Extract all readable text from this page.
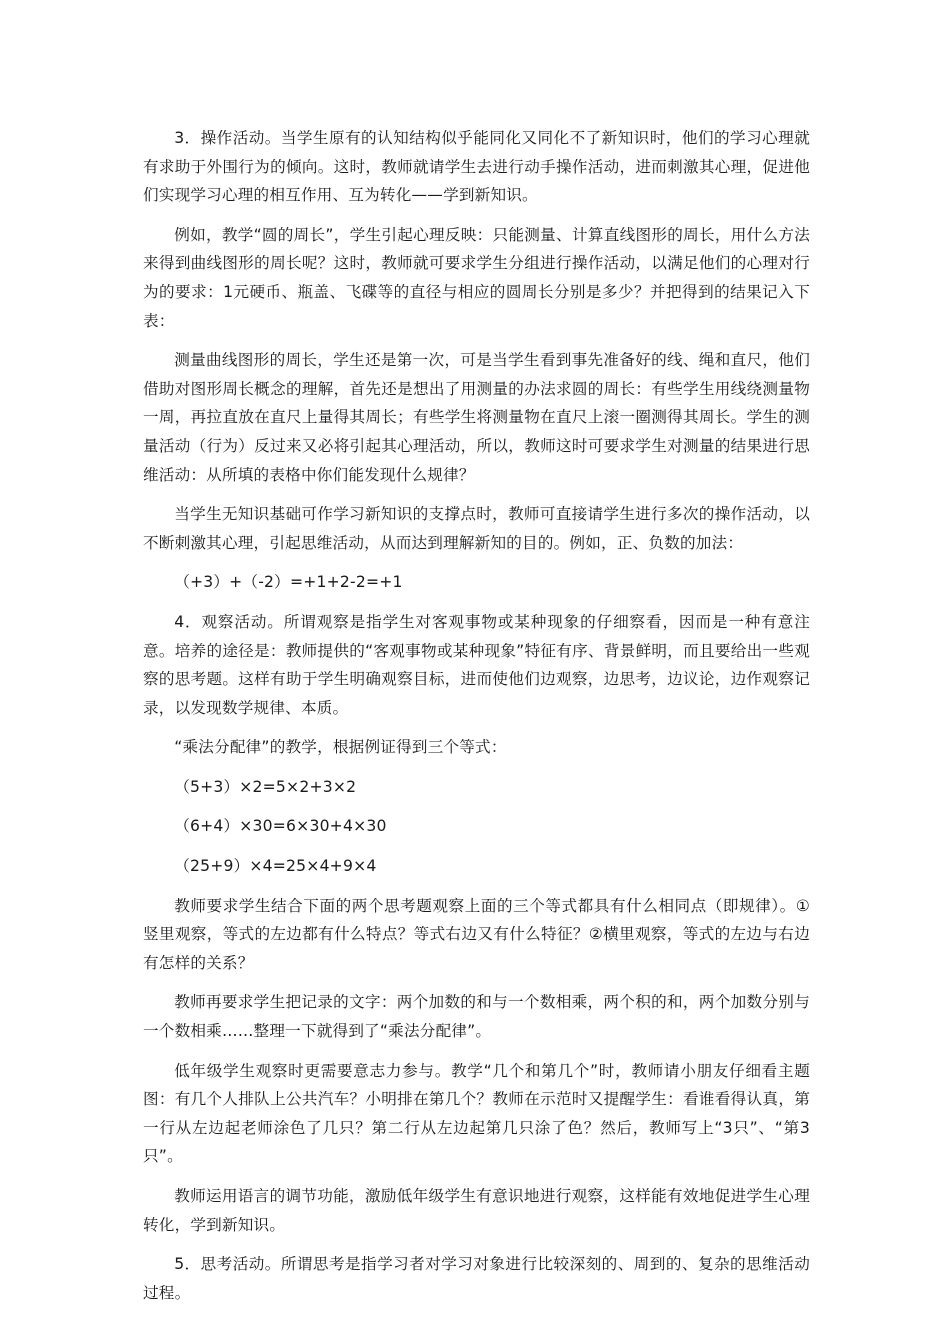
3．操作活动。当学生原有的认知结构似乎能同化又同化不了新知识时，他们的学习心理就有求助于外围行为的倾向。这时，教师就请学生去进行动手操作活动，进而刺激其心理，促进他们实现学习心理的相互作用、互为转化——学到新知识。

例如，教学“圆的周长”，学生引起心理反映：只能测量、计算直线图形的周长，用什么方法来得到曲线图形的周长呢？这时，教师就可要求学生分组进行操作活动，以满足他们的心理对行为的要求：1元硬币、瓶盖、飞碟等的直径与相应的圆周长分别是多少？并把得到的结果记入下表：

测量曲线图形的周长，学生还是第一次，可是当学生看到事先准备好的线、绳和直尺，他们借助对图形周长概念的理解，首先还是想出了用测量的办法求圆的周长：有些学生用线绕测量物一周，再拉直放在直尺上量得其周长；有些学生将测量物在直尺上滚一圈测得其周长。学生的测量活动（行为）反过来又必将引起其心理活动，所以，教师这时可要求学生对测量的结果进行思维活动：从所填的表格中你们能发现什么规律？

当学生无知识基础可作学习新知识的支撑点时，教师可直接请学生进行多次的操作活动，以不断刺激其心理，引起思维活动，从而达到理解新知的目的。例如，正、负数的加法：

（+3）+（-2）=+1+2-2=+1

4．观察活动。所谓观察是指学生对客观事物或某种现象的仔细察看，因而是一种有意注意。培养的途径是：教师提供的“客观事物或某种现象”特征有序、背景鲜明，而且要给出一些观察的思考题。这样有助于学生明确观察目标，进而使他们边观察，边思考，边议论，边作观察记录，以发现数学规律、本质。

“乘法分配律”的教学，根据例证得到三个等式：

（5+3）×2=5×2+3×2

（6+4）×30=6×30+4×30

（25+9）×4=25×4+9×4

教师要求学生结合下面的两个思考题观察上面的三个等式都具有什么相同点（即规律）。①竖里观察，等式的左边都有什么特点？等式右边又有什么特征？②横里观察，等式的左边与右边有怎样的关系？

教师再要求学生把记录的文字：两个加数的和与一个数相乘，两个积的和，两个加数分别与一个数相乘……整理一下就得到了“乘法分配律”。

低年级学生观察时更需要意志力参与。教学“几个和第几个”时，教师请小朋友仔细看主题图：有几个人排队上公共汽车？小明排在第几个？教师在示范时又提醒学生：看谁看得认真，第一行从左边起老师涂色了几只？第二行从左边起第几只涂了色？然后，教师写上“3只”、“第3只”。

教师运用语言的调节功能，激励低年级学生有意识地进行观察，这样能有效地促进学生心理转化，学到新知识。

5．思考活动。所谓思考是指学习者对学习对象进行比较深刻的、周到的、复杂的思维活动过程。
